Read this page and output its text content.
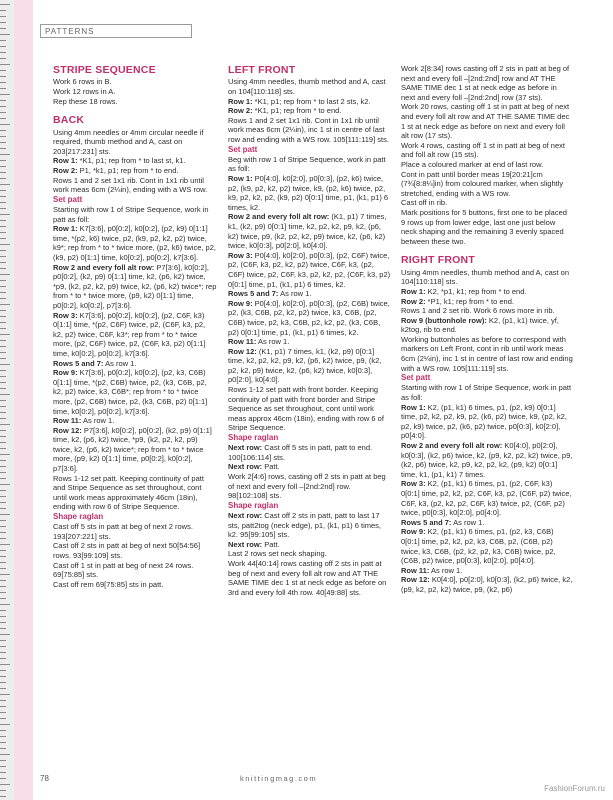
PATTERNS

STRIPE SEQUENCE

Work 6 rows in B.

Work 12 rows in A.

Rep these 18 rows.

BACK

Using 4mm needles or 4mm circular needle if required, thumb method and A, cast on 203[217:231] sts.

Row 1: *K1, p1; rep from * to last st, k1.

Row 2: P1, *k1, p1; rep from * to end.

Rows 1 and 2 set 1x1 rib. Cont in 1x1 rib until work meas 6cm (2¼in), ending with a WS row.

Set patt

Starting with row 1 of Stripe Sequence, work in patt as foll:

Row 1: K7[3:6], p0[0:2], k0[0:2], (p2, k9) 0[1:1] time, *(p2, k6) twice, p2, (k9, p2, k2, p2) twice, k9*; rep from * to * twice more, (p2, k6) twice, p2, (k9, p2) 0[1:1] time, k0[0:2], p0[0:2], k7[3:6].

Row 2 and every foll alt row: P7[3:6], k0[0:2], p0[0:2], (k2, p9) 0[1:1] time, k2, (p6, k2) twice, *p9, (k2, p2, k2, p9) twice, k2, (p6, k2) twice*; rep from * to * twice more, (p9, k2) 0[1:1] time, p0[0:2], k0[0:2], p7[3:6].

Row 3: K7[3:6], p0[0:2], k0[0:2], (p2, C6F, k3) 0[1:1] time, *(p2, C6F) twice, p2, (C6F, k3, p2, k2, p2) twice, C6F, k3*; rep from * to * twice more, (p2, C6F) twice, p2, (C6F, k3, p2) 0[1:1] time, k0[0:2], p0[0:2], k7[3:6].

Rows 5 and 7: As row 1.

Row 9: K7[3:6], p0[0:2], k0[0:2], (p2, k3, C6B) 0[1:1] time, *(p2, C6B) twice, p2, (k3, C6B, p2, k2, p2) twice, k3, C6B*; rep from * to * twice more, (p2, C6B) twice, p2, (k3, C6B, p2) 0[1:1] time, k0[0:2], p0[0:2], k7[3:6].

Row 11: As row 1.

Row 12: P7[3:6], k0[0:2], p0[0:2], (k2, p9) 0[1:1] time, k2, (p6, k2) twice, *p9, (k2, p2, k2, p9) twice, k2, (p6, k2) twice*; rep from * to * twice more, (p9, k2) 0[1:1] time, p0[0:2], k0[0:2], p7[3:6].

Rows 1-12 set patt. Keeping continuity of patt and Stripe Sequence as set throughout, cont until work meas approximately 46cm (18in), ending with row 6 of Stripe Sequence.

Shape raglan

Cast off 5 sts in patt at beg of next 2 rows. 193[207:221] sts.

Cast off 2 sts in patt at beg of next 50[54:56] rows. 93[99:109] sts.

Cast off 1 st in patt at beg of next 24 rows. 69[75:85] sts.

Cast off rem 69[75:85] sts in patt.

LEFT FRONT

Using 4mm needles, thumb method and A, cast on 104[110:118] sts.

Row 1: *K1, p1; rep from * to last 2 sts, k2.

Row 2: *K1, p1; rep from * to end.

Rows 1 and 2 set 1x1 rib. Cont in 1x1 rib until work meas 6cm (2¼in), inc 1 st in centre of last row and ending with a WS row. 105[111:119] sts.

Set patt

Beg with row 1 of Stripe Sequence, work in patt as foll:

Row 1: P0[4:0], k0[2:0], p0[0:3], (p2, k6) twice, p2, (k9, p2, k2, p2) twice, k9, (p2, k6) twice, p2, k9, p2, k2, p2, (k9, p2) 0[0:1] time, p1, (k1, p1) 6 times, k2.

Row 2 and every foll alt row: (K1, p1) 7 times, k1, (k2, p9) 0[0:1] time, k2, p2, k2, p9, k2, (p6, k2) twice, p9, (k2, p2, k2, p9) twice, k2, (p6, k2) twice, k0[0:3], p0[2:0], k0[4:0].

Row 3: P0[4:0], k0[2:0], p0[0:3], (p2, C6F) twice, p2, (C6F, k3, p2, k2, p2) twice, C6F, k3, (p2, C6F) twice, p2, C6F, k3, p2, k2, p2, (C6F, k3, p2) 0[0:1] time, p1, (k1, p1) 6 times, k2.

Rows 5 and 7: As row 1.

Row 9: P0[4:0], k0[2:0], p0[0:3], (p2, C6B) twice, p2, (k3, C6B, p2, k2, p2) twice, k3, C6B, (p2, C6B) twice, p2, k3, C6B, p2, k2, p2, (k3, C6B, p2) 0[0:1] time, p1, (k1, p1) 6 times, k2.

Row 11: As row 1.

Row 12: (K1, p1) 7 times, k1, (k2, p9) 0[0:1] time, k2, p2, k2, p9, k2, (p6, k2) twice, p9, (k2, p2, k2, p9) twice, k2, (p6, k2) twice, k0[0:3], p0[2:0], k0[4:0].

Rows 1-12 set patt with front border. Keeping continuity of patt with front border and Stripe Sequence as set throughout, cont until work meas approx 46cm (18in), ending with row 6 of Stripe Sequence.

Shape raglan

Next row: Cast off 5 sts in patt, patt to end. 100[106:114] sts.

Next row: Patt.

Work 2[4:6] rows, casting off 2 sts in patt at beg of next and every foll –[2nd:2nd] row. 98[102:108] sts.

Shape raglan

Next row: Cast off 2 sts in patt, patt to last 17 sts, patt2tog (neck edge), p1, (k1, p1) 6 times, k2. 95[99:105] sts.

Next row: Patt.

Last 2 rows set neck shaping.

Work 44[40:14] rows casting off 2 sts in patt at beg of next and every foll alt row and AT THE SAME TIME dec 1 st at neck edge as before on 3rd and every foll 4th row. 40[49:88] sts.

Work 2[8:34] rows casting off 2 sts in patt at beg of next and every foll –[2nd:2nd] row and AT THE SAME TIME dec 1 st at neck edge as before in next and every foll –[2nd:2nd] row (37 sts).

Work 20 rows, casting off 1 st in patt at beg of next and every foll alt row and AT THE SAME TIME dec 1 st at neck edge as before on next and every foll alt row (17 sts).

Work 4 rows, casting off 1 st in patt at beg of next and foll alt row (15 sts).

Place a coloured marker at end of last row.

Cont in patt until border meas 19[20:21]cm (7¾[8:8¼]in) from coloured marker, when slightly stretched, ending with a WS row.

Cast off in rib.

Mark positions for 5 buttons, first one to be placed 9 rows up from lower edge, last one just below neck shaping and the remaining 3 evenly spaced between these two.

RIGHT FRONT

Using 4mm needles, thumb method and A, cast on 104[110:118] sts.

Row 1: K2, *p1, k1; rep from * to end.

Row 2: *P1, k1; rep from * to end.

Rows 1 and 2 set rib. Work 6 rows more in rib.

Row 9 (buttonhole row): K2, (p1, k1) twice, yf, k2tog, rib to end.

Working buttonholes as before to correspond with markers on Left Front, cont in rib until work meas 6cm (2¼in), inc 1 st in centre of last row and ending with a WS row. 105[111:119] sts.

Set patt

Starting with row 1 of Stripe Sequence, work in patt as foll:

Row 1: K2, (p1, k1) 6 times, p1, (p2, k9) 0[0:1] time, p2, k2, p2, k9, p2, (k6, p2) twice, k9, (p2, k2, p2, k9) twice, p2, (k6, p2) twice, p0[0:3], k0[2:0], p0[4:0].

Row 2 and every foll alt row: K0[4:0], p0[2:0], k0[0:3], (k2, p6) twice, k2, (p9, k2, p2, k2) twice, p9, (k2, p6) twice, k2, p9, k2, p2, k2, (p9, k2) 0[0:1] time, k1, (p1, k1) 7 times.

Row 3: K2, (p1, k1) 6 times, p1, (p2, C6F, k3) 0[0:1] time, p2, k2, p2, C6F, k3, p2, (C6F, p2) twice, C6F, k3, (p2, k2, p2, C6F, k3) twice, p2, (C6F, p2) twice, p0[0:3], k0[2:0], p0[4:0].

Rows 5 and 7: As row 1.

Row 9: K2, (p1, k1) 6 times, p1, (p2, k3, C6B) 0[0:1] time, p2, k2, p2, k3, C6B, p2, (C6B, p2) twice, k3, C6B, (p2, k2, p2, k3, C6B) twice, p2, (C6B, p2) twice, p0[0:3], k0[2:0], p0[4:0].

Row 11: As row 1.

Row 12: K0[4:0], p0[2:0], k0[0:3], (k2, p6) twice, k2, (p9, k2, p2, k2) twice, p9, (k2, p6)

78	knittingmag.com
FashionForum.ru
